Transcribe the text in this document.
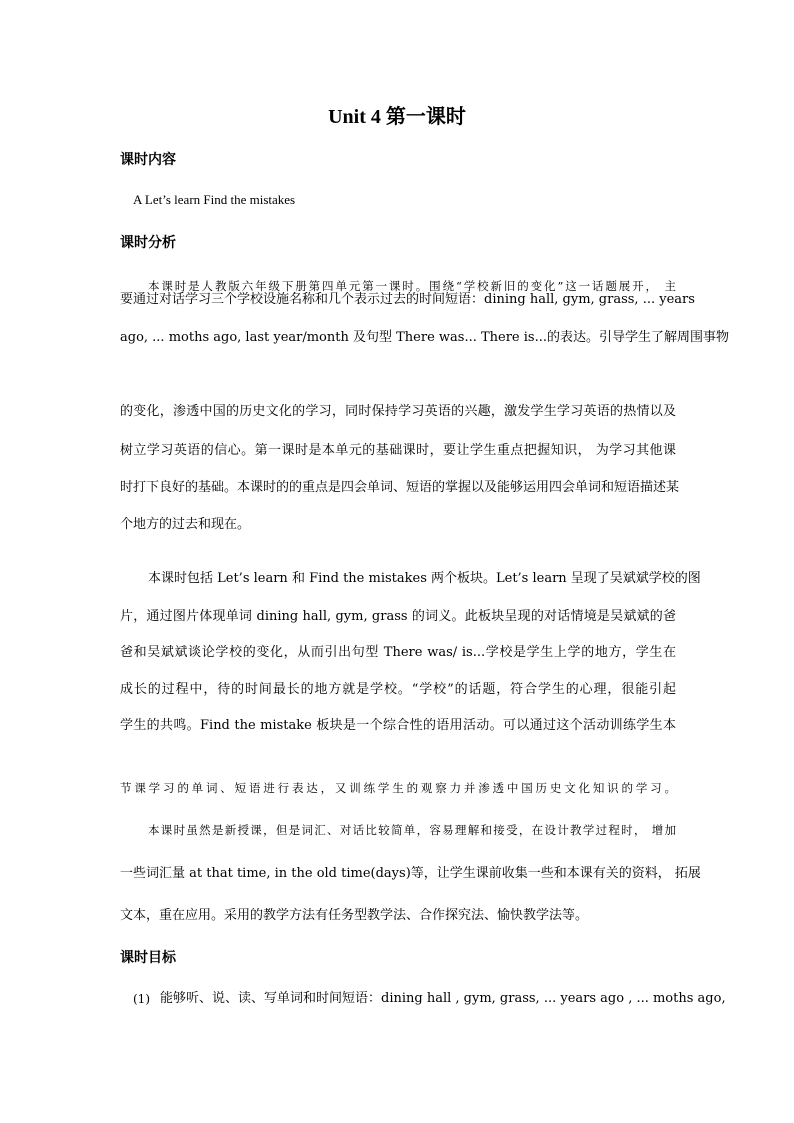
Unit 4 第一课时
课时内容
A Let’s learn Find the mistakes
课时分析
本课时是人教版六年级下册第四单元第一课时。围绕“学校新旧的变化”这一话题展开， 主
要通过对话学习三个学校设施名称和几个表示过去的时间短语：dining hall, gym, grass, ... years
ago, ... moths ago, last year/month 及句型 There was... There is...的表达。引导学生了解周围事物
的变化，渗透中国的历史文化的学习，同时保持学习英语的兴趣，激发学生学习英语的热情以及
树立学习英语的信心。第一课时是本单元的基础课时，要让学生重点把握知识， 为学习其他课
时打下良好的基础。本课时的的重点是四会单词、短语的掌握以及能够运用四会单词和短语描述某
个地方的过去和现在。
本课时包括 Let’s learn 和 Find the mistakes 两个板块。Let’s learn 呈现了吴斌斌学校的图
片，通过图片体现单词 dining hall, gym, grass 的词义。此板块呈现的对话情境是吴斌斌的爸
爸和吴斌斌谈论学校的变化，从而引出句型 There was/ is...学校是学生上学的地方，学生在
成长的过程中，待的时间最长的地方就是学校。“学校”的话题，符合学生的心理，很能引起
学生的共鸣。Find the mistake 板块是一个综合性的语用活动。可以通过这个活动训练学生本
节课学习的单词、短语进行表达，又训练学生的观察力并渗透中国历史文化知识的学习。
本课时虽然是新授课，但是词汇、对话比较简单，容易理解和接受，在设计教学过程时， 增加
一些词汇量 at that time, in the old time(days)等，让学生课前收集一些和本课有关的资料， 拓展
文本，重在应用。采用的教学方法有任务型教学法、合作探究法、愉快教学法等。
课时目标
(1) 能够听、说、读、写单词和时间短语：dining hall , gym, grass, ... years ago , ... moths ago,
